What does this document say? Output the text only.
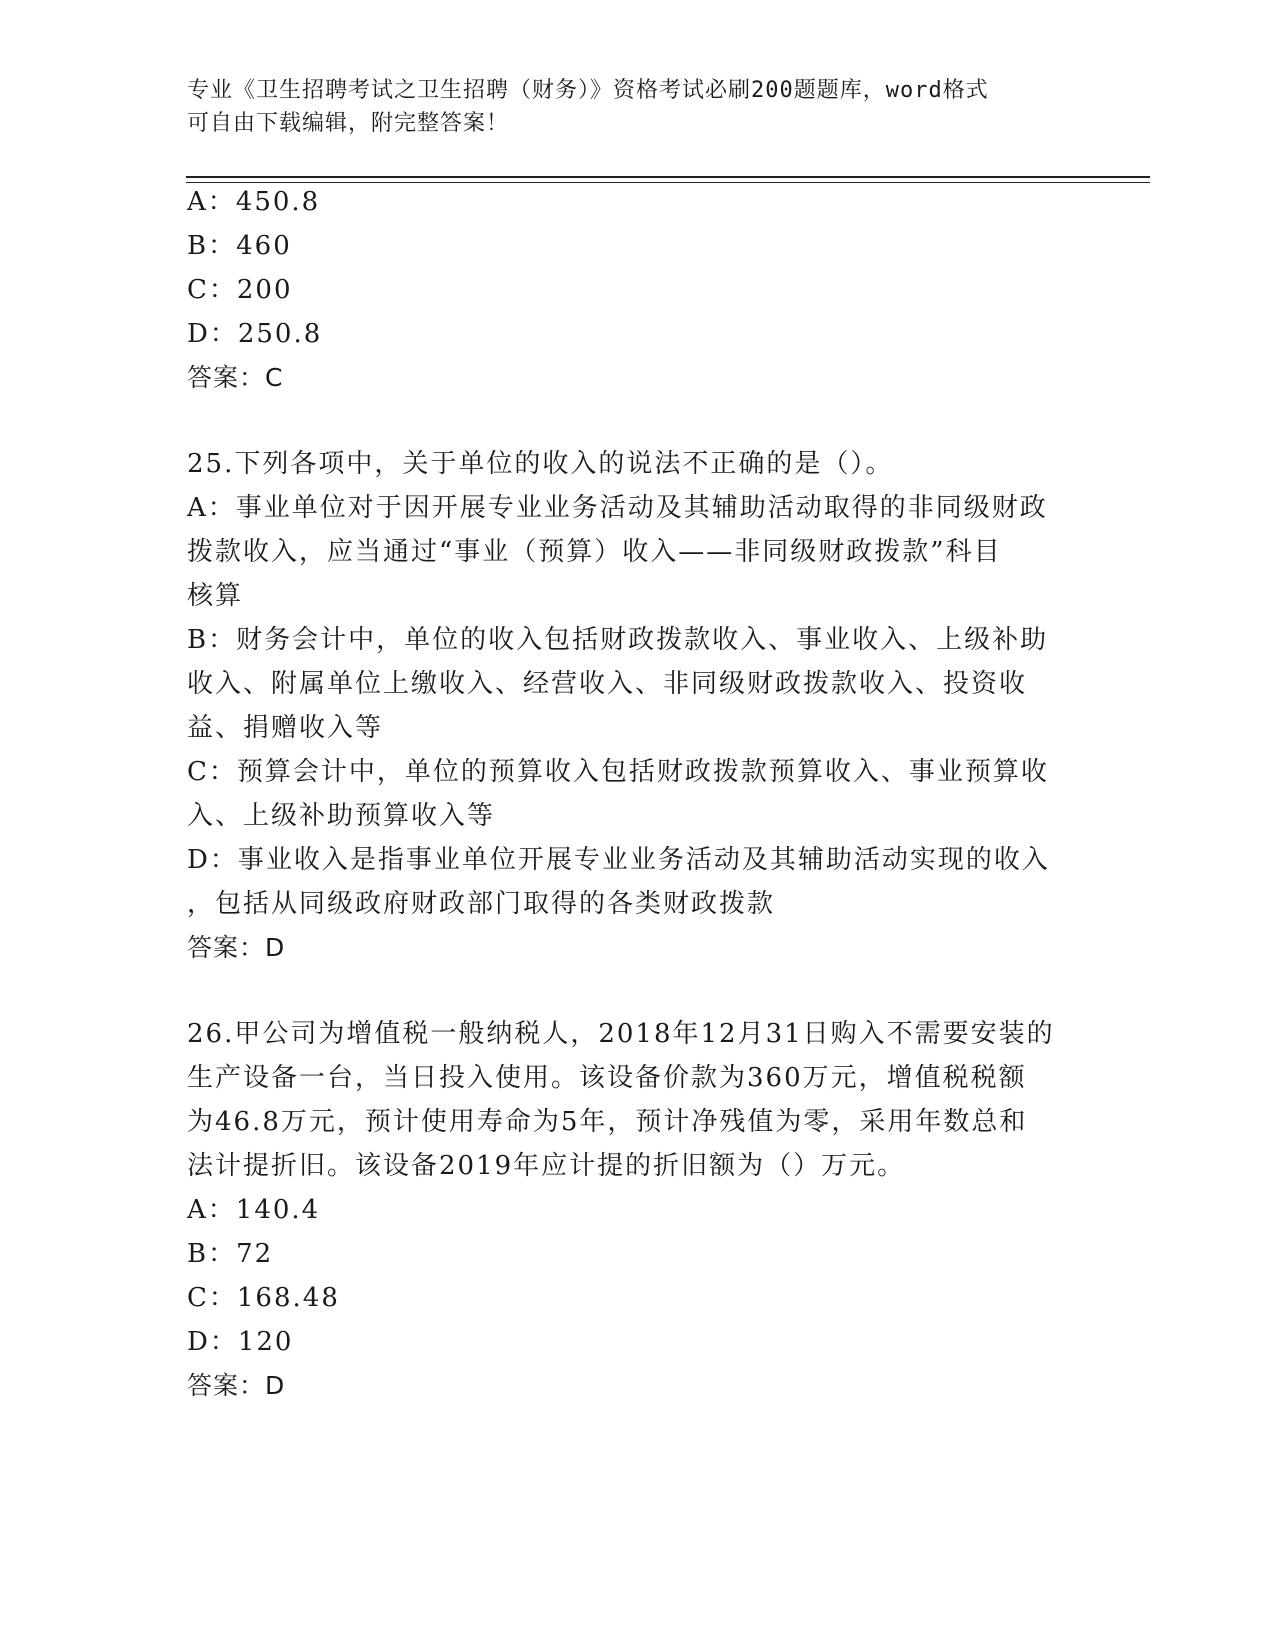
专业《卫生招聘考试之卫生招聘（财务）》资格考试必刷200题题库，word格式
可自由下载编辑，附完整答案！
A：450.8
B：460
C：200
D：250.8
答案：C
25.下列各项中，关于单位的收入的说法不正确的是（）。
A：事业单位对于因开展专业业务活动及其辅助活动取得的非同级财政
拨款收入，应当通过“事业（预算）收入——非同级财政拨款”科目
核算
B：财务会计中，单位的收入包括财政拨款收入、事业收入、上级补助
收入、附属单位上缴收入、经营收入、非同级财政拨款收入、投资收
益、捐赠收入等
C：预算会计中，单位的预算收入包括财政拨款预算收入、事业预算收
入、上级补助预算收入等
D：事业收入是指事业单位开展专业业务活动及其辅助活动实现的收入
，包括从同级政府财政部门取得的各类财政拨款
答案：D
26.甲公司为增值税一般纳税人，2018年12月31日购入不需要安装的
生产设备一台，当日投入使用。该设备价款为360万元，增值税税额
为46.8万元，预计使用寿命为5年，预计净残值为零，采用年数总和
法计提折旧。该设备2019年应计提的折旧额为（）万元。
A：140.4
B：72
C：168.48
D：120
答案：D
